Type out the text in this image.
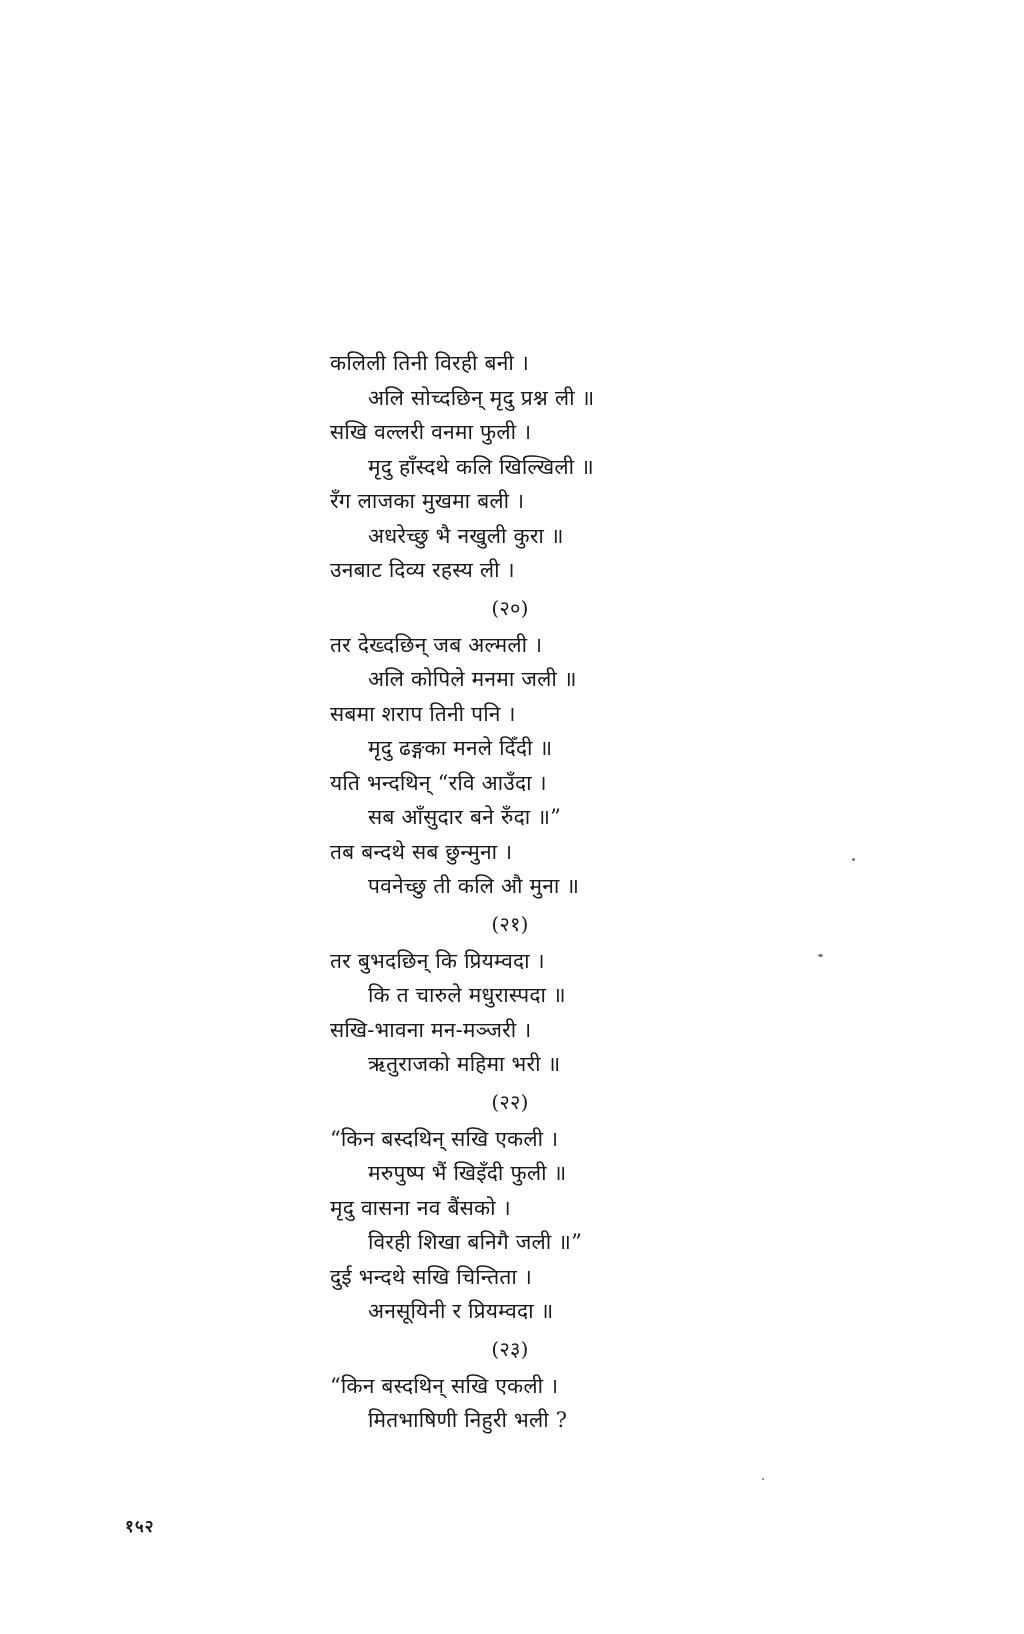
कलिली तिनी विरही बनी ।
अलि सोच्दछिन् मृदु प्रश्न ली ॥
सखि वल्लरी वनमा फुली ।
मृदु हाँस्दथे कलि खिल्खिली ॥
रँग लाजका मुखमा बली ।
अधरेच्छु भै नखुली कुरा ॥
उनबाट दिव्य रहस्य ली ।
(२०)
तर देख्दछिन् जब अल्मली ।
अलि कोपिले मनमा जली ॥
सबमा शराप तिनी पनि ।
मृदु ढङ्गका मनले दिँदी ॥
यति भन्दथिन् “रवि आउँदा ।
सब आँसुदार बने रुँदा ॥”
तब बन्दथे सब छुन्मुना ।
पवनेच्छु ती कलि औ मुना ॥
(२१)
तर बुभदछिन् कि प्रियम्वदा ।
कि त चारुले मधुरास्पदा ॥
सखि-भावना मन-मञ्जरी ।
ऋतुराजको महिमा भरी ॥
(२२)
“किन बस्दथिन् सखि एकली ।
मरुपुष्प भैं खिइँदी फुली ॥
मृदु वासना नव बैंसको ।
विरही शिखा बनिगै जली ॥”
दुई भन्दथे सखि चिन्तिता ।
अनसूयिनी र प्रियम्वदा ॥
(२३)
“किन बस्दथिन् सखि एकली ।
मितभाषिणी निहुरी भली ?
१५२
